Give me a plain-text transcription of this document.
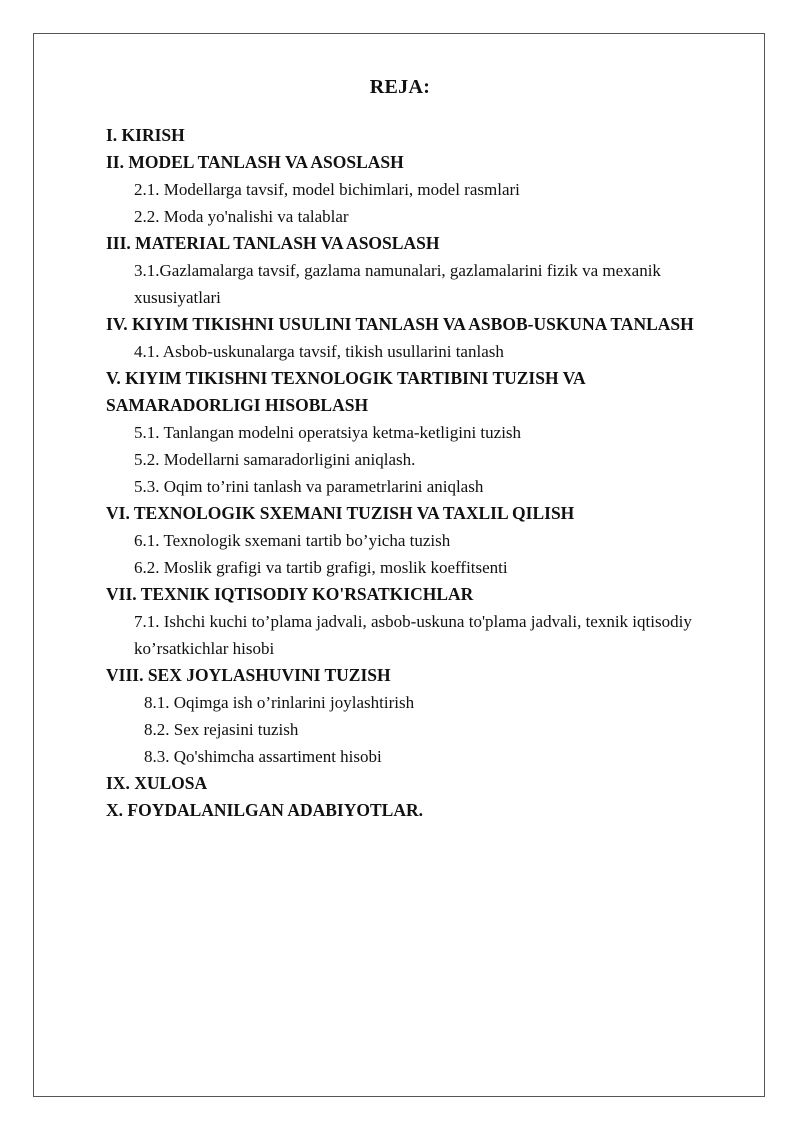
REJA:
I. KIRISH
II. MODEL TANLASH VA ASOSLASH
2.1. Modellarga tavsif, model bichimlari, model rasmlari
2.2. Moda yo'nalishi va talablar
III. MATERIAL TANLASH VA ASOSLASH
3.1.Gazlamalarga tavsif, gazlama namunalari, gazlamalarini fizik va mexanik xususiyatlari
IV. KIYIM TIKISHNI USULINI TANLASH VA ASBOB-USKUNA TANLASH
4.1. Asbob-uskunalarga tavsif, tikish usullarini tanlash
V. KIYIM TIKISHNI TEXNOLOGIK TARTIBINI TUZISH VA SAMARADORLIGI HISOBLASH
5.1. Tanlangan modelni operatsiya ketma-ketligini tuzish
5.2. Modellarni samaradorligini aniqlash.
5.3. Oqim to’rini tanlash va parametrlarini aniqlash
VI. TEXNOLOGIK SXEMANI TUZISH VA TAXLIL QILISH
6.1. Texnologik sxemani tartib bo’yicha tuzish
6.2. Moslik grafigi va tartib grafigi, moslik koeffitsenti
VII. TEXNIK IQTISODIY KO'RSATKICHLAR
7.1. Ishchi kuchi to’plama jadvali, asbob-uskuna to'plama jadvali, texnik iqtisodiy ko’rsatkichlar hisobi
VIII. SEX JOYLASHUVINI TUZISH
8.1. Oqimga ish o’rinlarini joylashtirish
8.2. Sex rejasini tuzish
8.3. Qo'shimcha assartiment hisobi
IX. XULOSA
X. FOYDALANILGAN ADABIYOTLAR.
